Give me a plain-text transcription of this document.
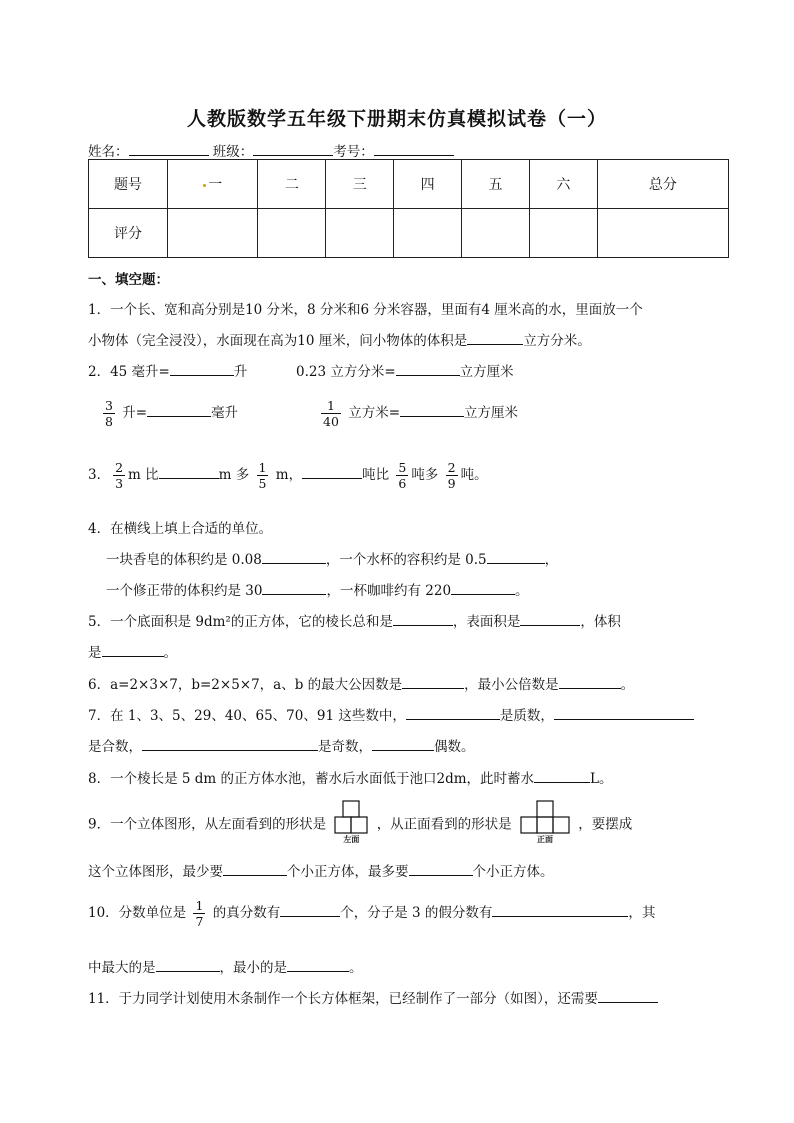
人教版数学五年级下册期末仿真模拟试卷（一）
姓名：	班级：	考号：
题号	一	二	三	四	五	六	总分
评分							
一、填空题：
1．一个长、宽和高分别是10 分米，8 分米和6 分米容器，里面有4 厘米高的水，里面放一个
小物体（完全浸没），水面现在高为10 厘米，问小物体的体积是	立方分米。
2．45 毫升=	升	0.23 立方分米=	立方厘米
$\frac{3}{8}$ 升=	毫升	$\frac{1}{40}$ 立方米=	立方厘米
3． $\frac{2}{3}$ m 比	m 多 $\frac{1}{5}$ m，	吨比 $\frac{5}{6}$ 吨多 $\frac{2}{9}$ 吨。
4．在横线上填上合适的单位。
一块香皂的体积约是 0.08	，一个水杯的容积约是 0.5	，
一个修正带的体积约是 30	，一杯咖啡约有 220	。
5．一个底面积是 9dm²的正方体，它的棱长总和是	，表面积是	，体积
是	。
6．a=2×3×7，b=2×5×7，a、b 的最大公因数是	，最小公倍数是	。
7．在 1、3、5、29、40、65、70、91 这些数中，	是质数，
是合数，	是奇数，	偶数。
8．一个棱长是 5 dm 的正方体水池，蓄水后水面低于池口2dm，此时蓄水	L。
9．一个立体图形，从左面看到的形状是
左面
，从正面看到的形状是
正面
，要摆成
这个立体图形，最少要	个小正方体，最多要	个小正方体。
10．分数单位是 $\frac{1}{7}$ 的真分数有	个，分子是 3 的假分数有	，其
中最大的是	，最小的是	。
11．于力同学计划使用木条制作一个长方体框架，已经制作了一部分（如图），还需要
